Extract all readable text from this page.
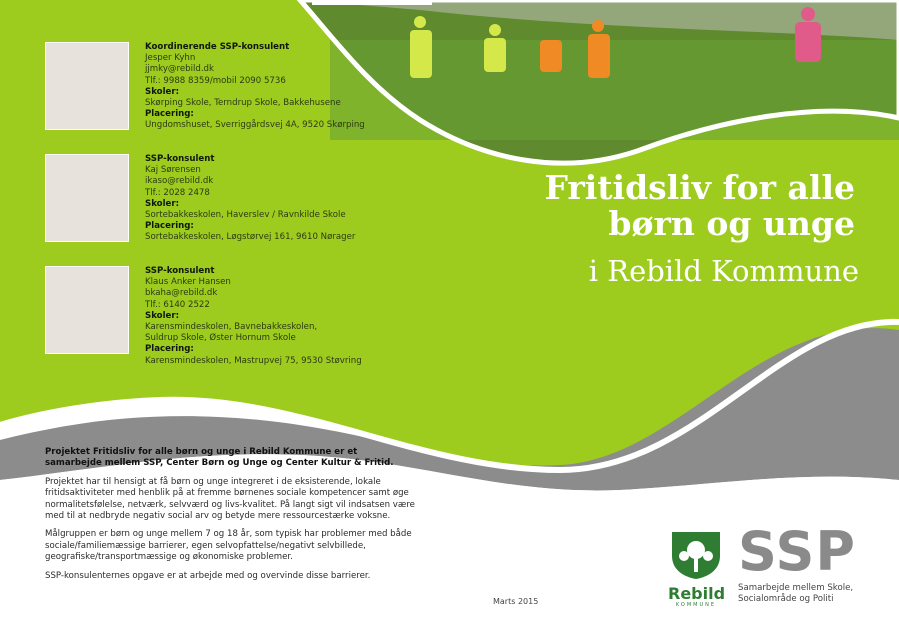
Koordinerende SSP-konsulent
Jesper Kyhn
jjmky@rebild.dk
Tlf.: 9988 8359/mobil 2090 5736
Skoler:
Skørping Skole, Terndrup Skole, Bakkehusene
Placering:
Ungdomshuset, Sverriggårdsvej 4A, 9520 Skørping
SSP-konsulent
Kaj Sørensen
ikaso@rebild.dk
Tlf.: 2028 2478
Skoler:
Sortebakkeskolen, Haverslev / Ravnkilde Skole
Placering:
Sortebakkeskolen, Løgstørvej 161, 9610 Nørager
SSP-konsulent
Klaus Anker Hansen
bkaha@rebild.dk
Tlf.: 6140 2522
Skoler:
Karensmindeskolen, Bavnebakkeskolen,
Suldrup Skole, Øster Hornum Skole
Placering:
Karensmindeskolen, Mastrupvej 75, 9530 Støvring
Fritidsliv for alle
børn og unge
i Rebild Kommune
Projektet Fritidsliv for alle børn og unge i Rebild Kommune er et samarbejde mellem SSP, Center Børn og Unge og Center Kultur & Fritid.

Projektet har til hensigt at få børn og unge integreret i de eksisterende, lokale fritidsaktiviteter med henblik på at fremme børnenes sociale kompetencer samt øge normalitetsfølelse, netværk, selvværd og livs-kvalitet. På langt sigt vil indsatsen være med til at nedbryde negativ social arv og betyde mere ressourcestærke voksne.

Målgruppen er børn og unge mellem 7 og 18 år, som typisk har problemer med både sociale/familiemæssige barrierer, egen selvopfattelse/negativt selvbillede, geografiske/transportmæssige og økonomiske problemer.

SSP-konsulenternes opgave er at arbejde med og overvinde disse barrierer.

Marts 2015	Rebild
KOMMUNE
SSP
Samarbejde mellem Skole,
Socialområde og Politi
